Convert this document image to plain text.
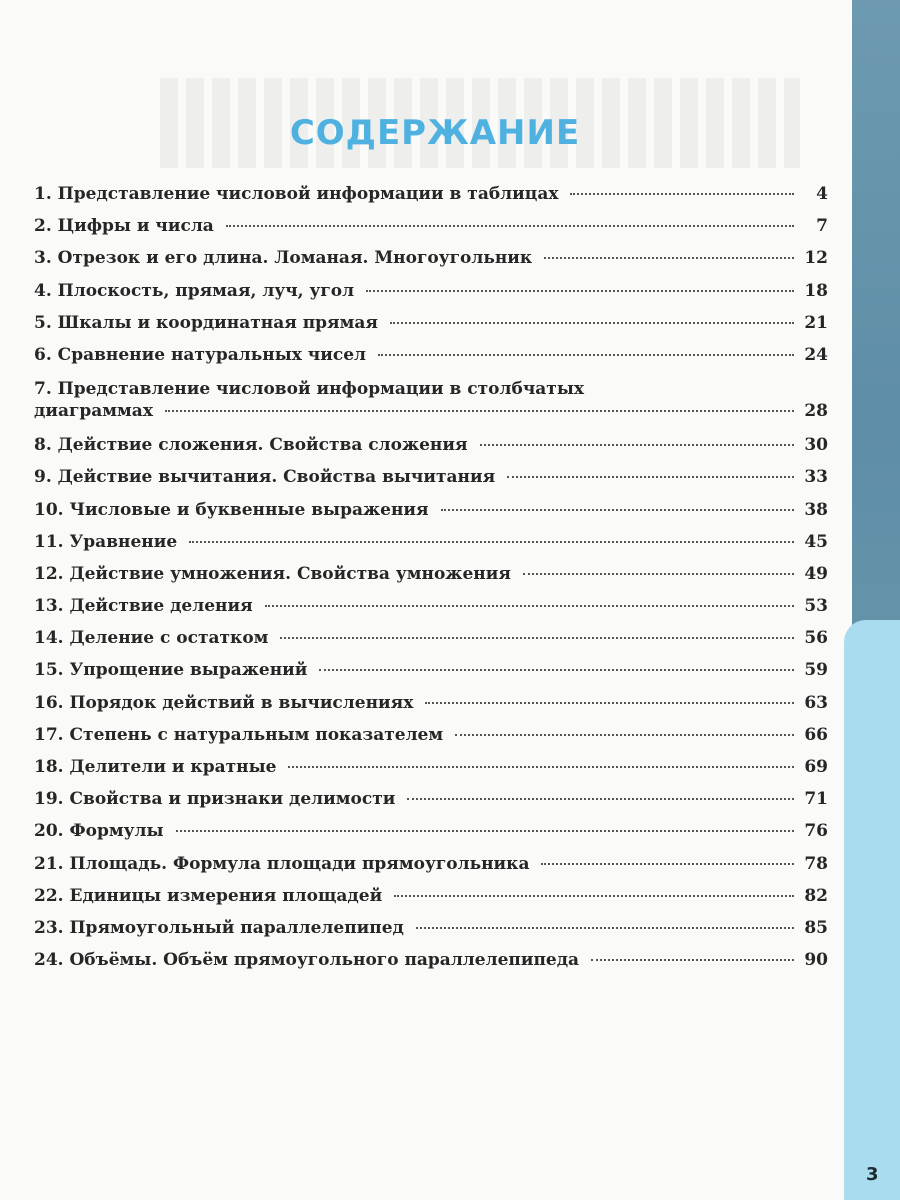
СОДЕРЖАНИЕ
1. Представление числовой информации в таблицах	4
2. Цифры и числа	7
3. Отрезок и его длина. Ломаная. Многоугольник	12
4. Плоскость, прямая, луч, угол	18
5. Шкалы и координатная прямая	21
6. Сравнение натуральных чисел	24
7. Представление числовой информации в столбчатых
диаграммах	28
8. Действие сложения. Свойства сложения	30
9. Действие вычитания. Свойства вычитания	33
10. Числовые и буквенные выражения	38
11. Уравнение	45
12. Действие умножения. Свойства умножения	49
13. Действие деления	53
14. Деление с остатком	56
15. Упрощение выражений	59
16. Порядок действий в вычислениях	63
17. Степень с натуральным показателем	66
18. Делители и кратные	69
19. Свойства и признаки делимости	71
20. Формулы	76
21. Площадь. Формула площади прямоугольника	78
22. Единицы измерения площадей	82
23. Прямоугольный параллелепипед	85
24. Объёмы. Объём прямоугольного параллелепипеда	90
3
